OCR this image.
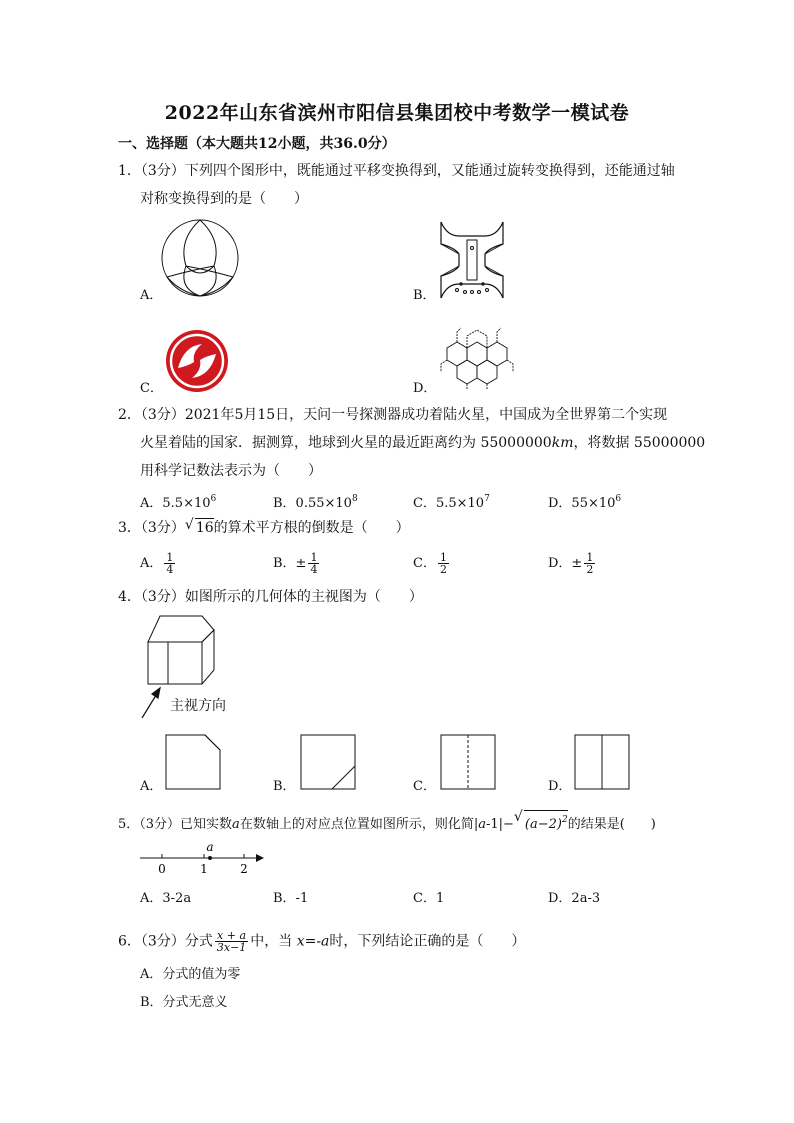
2022年山东省滨州市阳信县集团校中考数学一模试卷
一、选择题（本大题共12小题，共36.0分）
1．（3分）下列四个图形中，既能通过平移变换得到，又能通过旋转变换得到，还能通过轴
对称变换得到的是（　　）
A．	B．
C．	D．
2．（3分）2021年5月15日，天问一号探测器成功着陆火星，中国成为全世界第二个实现
火星着陆的国家．据测算，地球到火星的最近距离约为 55000000km，将数据 55000000
用科学记数法表示为（　　）
A．$5.5\times 10^6$	B．$0.55\times 10^8$	C．$5.5\times 10^7$	D．$55\times 10^6$
3．（3分） √ 16的算术平方根的倒数是（　　）
A． $\frac{1}{4}$	B．± $\frac{1}{4}$	C． $\frac{1}{2}$	D．± $\frac{1}{2}$
4．（3分）如图所示的几何体的主视图为（　　）
主视方向
A．	B．	C．	D．
5．（3分）已知实数a在数轴上的对应点位置如图所示，则化简|a-1|− √ $(a-2)^2$的结果是(　　)
a
0	1	2
A．3-2a	B．-1	C．1	D．2a-3
6．（3分）分式 $\frac{x + a}{3x-1}$ 中，当 x=-a时，下列结论正确的是（　　）
A．分式的值为零
B．分式无意义
